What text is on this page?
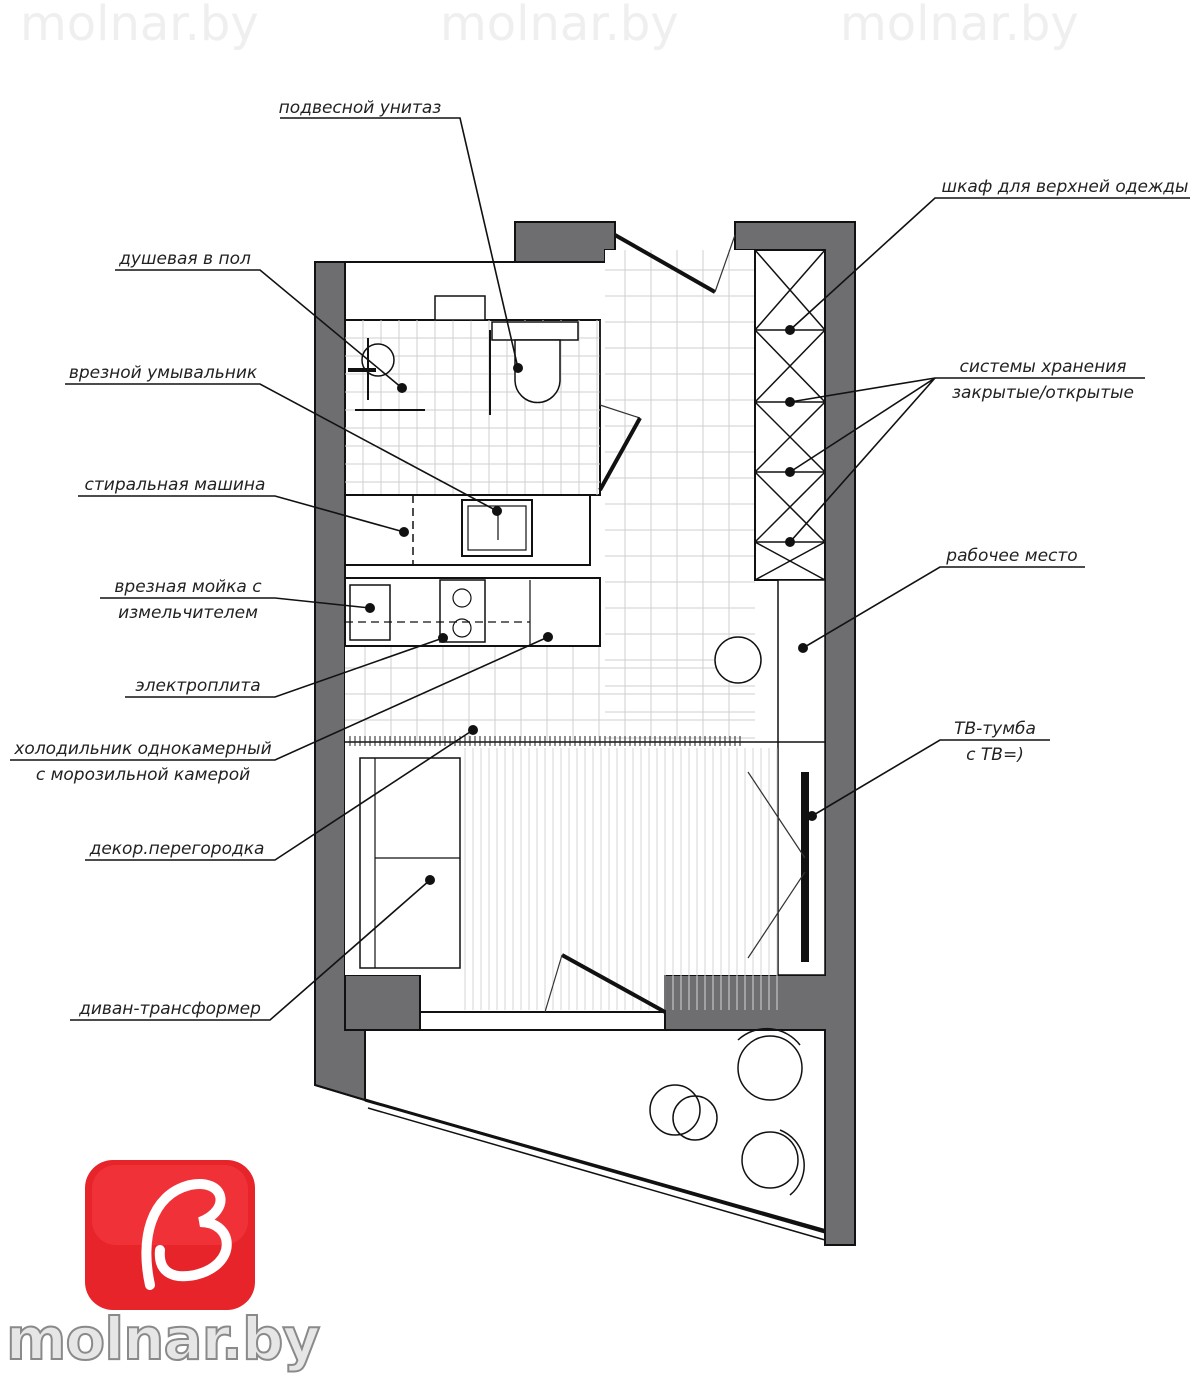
molnar.by	molnar.by	molnar.by
подвесной унитаз
шкаф для верхней одежды
душевая в пол
системы хранения
закрытые/открытые
врезной умывальник
стиральная машина
рабочее место
врезная мойка с
измельчителем
электроплита
ТВ-тумба
с ТВ=)
холодильник однокамерный
с морозильной камерой
декор.перегородка
диван-трансформер
molnar.by
